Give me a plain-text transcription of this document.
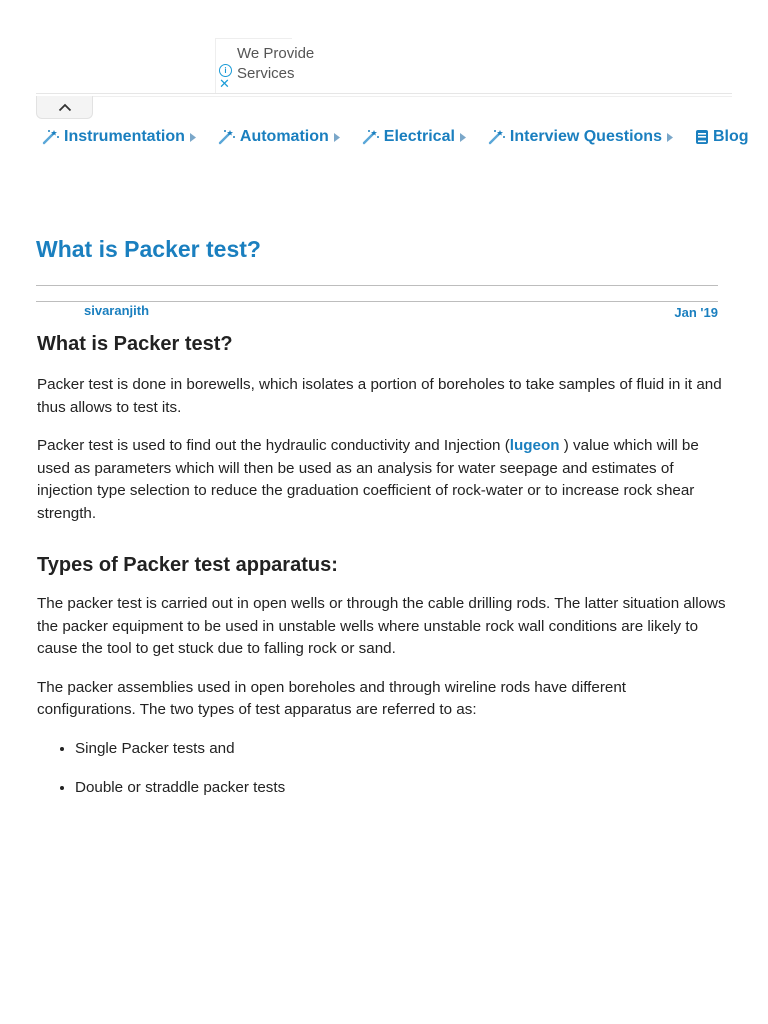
We Provide
Services
i
✕
Instrumentation	Automation	Electrical	Interview Questions	Blog
What is Packer test?
sivaranjith	Jan '19
What is Packer test?

Packer test is done in borewells, which isolates a portion of boreholes to take samples of fluid in it and thus allows to test its.

Packer test is used to find out the hydraulic conductivity and Injection (lugeon ) value which will be used as parameters which will then be used as an analysis for water seepage and estimates of injection type selection to reduce the graduation coefficient of rock-water or to increase rock shear strength.

Types of Packer test apparatus:

The packer test is carried out in open wells or through the cable drilling rods. The latter situation allows the packer equipment to be used in unstable wells where unstable rock wall conditions are likely to cause the tool to get stuck due to falling rock or sand.

The packer assemblies used in open boreholes and through wireline rods have different configurations. The two types of test apparatus are referred to as:

• Single Packer tests and
• Double or straddle packer tests
